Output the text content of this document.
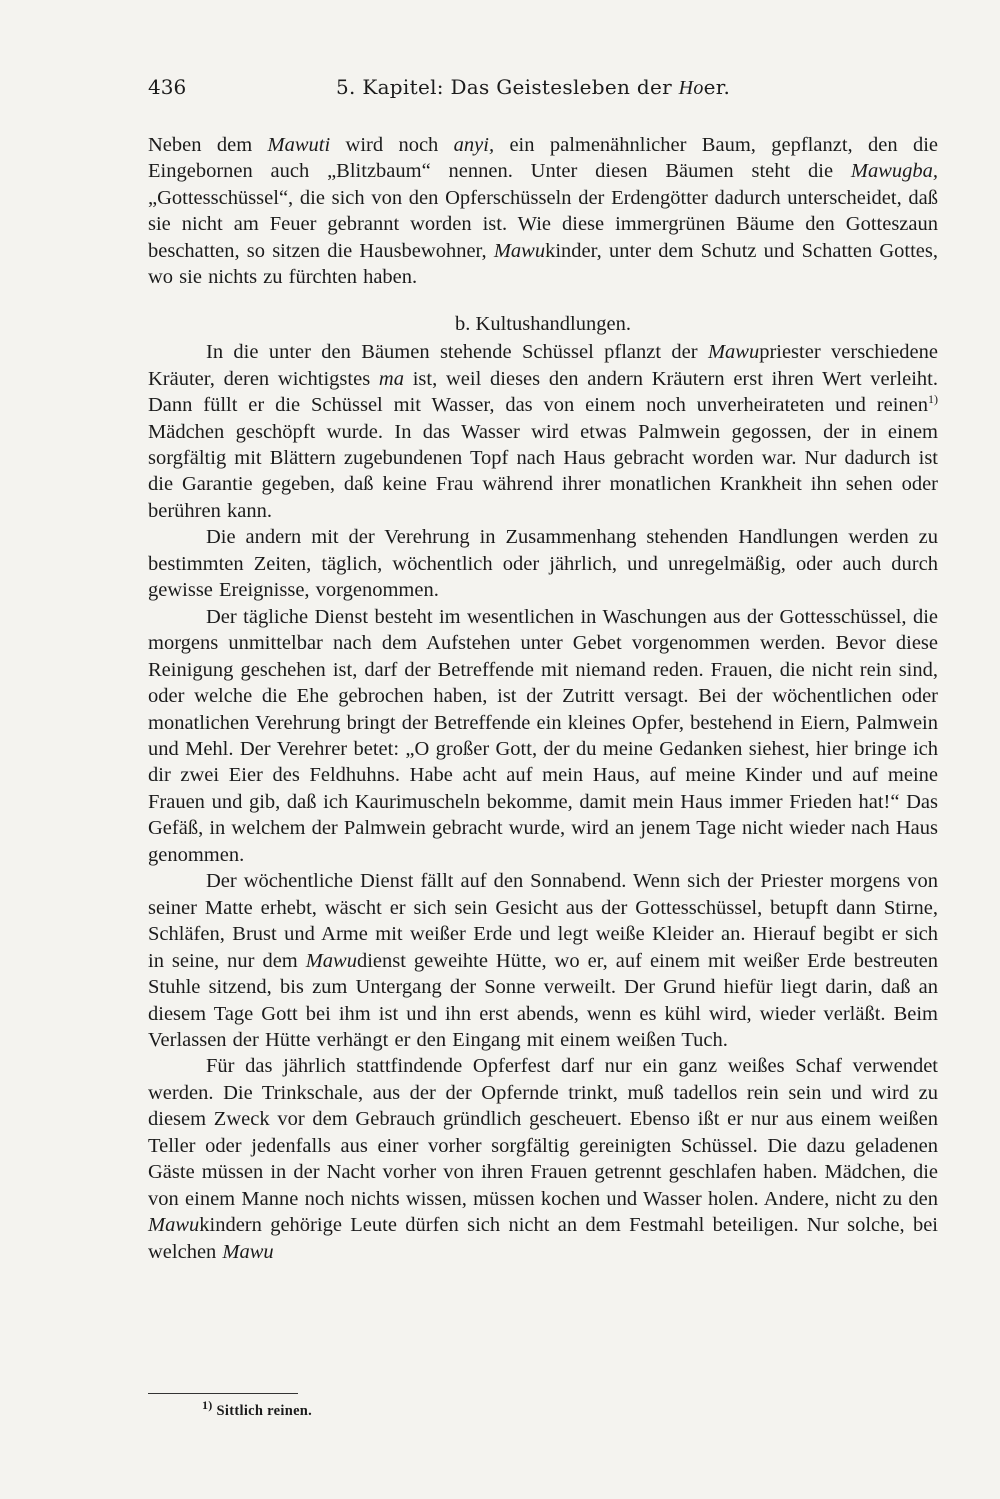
436	5. Kapitel: Das Geistesleben der Hoer.

Neben dem Mawuti wird noch anyi, ein palmenähnlicher Baum, gepflanzt, den die Eingebornen auch „Blitzbaum“ nennen. Unter diesen Bäumen steht die Mawugba, „Gottesschüssel“, die sich von den Opferschüsseln der Erdengötter dadurch unterscheidet, daß sie nicht am Feuer gebrannt worden ist. Wie diese immergrünen Bäume den Gotteszaun beschatten, so sitzen die Hausbewohner, Mawukinder, unter dem Schutz und Schatten Gottes, wo sie nichts zu fürchten haben.

b. Kultushandlungen.

In die unter den Bäumen stehende Schüssel pflanzt der Mawupriester verschiedene Kräuter, deren wichtigstes ma ist, weil dieses den andern Kräutern erst ihren Wert verleiht. Dann füllt er die Schüssel mit Wasser, das von einem noch unverheirateten und reinen$^{1)}$ Mädchen geschöpft wurde. In das Wasser wird etwas Palmwein gegossen, der in einem sorgfältig mit Blättern zugebundenen Topf nach Haus gebracht worden war. Nur dadurch ist die Garantie gegeben, daß keine Frau während ihrer monatlichen Krankheit ihn sehen oder berühren kann.

Die andern mit der Verehrung in Zusammenhang stehenden Handlungen werden zu bestimmten Zeiten, täglich, wöchentlich oder jährlich, und unregelmäßig, oder auch durch gewisse Ereignisse, vorgenommen.

Der tägliche Dienst besteht im wesentlichen in Waschungen aus der Gottesschüssel, die morgens unmittelbar nach dem Aufstehen unter Gebet vorgenommen werden. Bevor diese Reinigung geschehen ist, darf der Betreffende mit niemand reden. Frauen, die nicht rein sind, oder welche die Ehe gebrochen haben, ist der Zutritt versagt. Bei der wöchentlichen oder monatlichen Verehrung bringt der Betreffende ein kleines Opfer, bestehend in Eiern, Palmwein und Mehl. Der Verehrer betet: „O großer Gott, der du meine Gedanken siehest, hier bringe ich dir zwei Eier des Feldhuhns. Habe acht auf mein Haus, auf meine Kinder und auf meine Frauen und gib, daß ich Kaurimuscheln bekomme, damit mein Haus immer Frieden hat!“ Das Gefäß, in welchem der Palmwein gebracht wurde, wird an jenem Tage nicht wieder nach Haus genommen.

Der wöchentliche Dienst fällt auf den Sonnabend. Wenn sich der Priester morgens von seiner Matte erhebt, wäscht er sich sein Gesicht aus der Gottesschüssel, betupft dann Stirne, Schläfen, Brust und Arme mit weißer Erde und legt weiße Kleider an. Hierauf begibt er sich in seine, nur dem Mawudienst geweihte Hütte, wo er, auf einem mit weißer Erde bestreuten Stuhle sitzend, bis zum Untergang der Sonne verweilt. Der Grund hiefür liegt darin, daß an diesem Tage Gott bei ihm ist und ihn erst abends, wenn es kühl wird, wieder verläßt. Beim Verlassen der Hütte verhängt er den Eingang mit einem weißen Tuch.

Für das jährlich stattfindende Opferfest darf nur ein ganz weißes Schaf verwendet werden. Die Trinkschale, aus der der Opfernde trinkt, muß tadellos rein sein und wird zu diesem Zweck vor dem Gebrauch gründlich gescheuert. Ebenso ißt er nur aus einem weißen Teller oder jedenfalls aus einer vorher sorgfältig gereinigten Schüssel. Die dazu geladenen Gäste müssen in der Nacht vorher von ihren Frauen getrennt geschlafen haben. Mädchen, die von einem Manne noch nichts wissen, müssen kochen und Wasser holen. Andere, nicht zu den Mawukindern gehörige Leute dürfen sich nicht an dem Festmahl beteiligen. Nur solche, bei welchen Mawu

$^{1)}$ Sittlich reinen.
